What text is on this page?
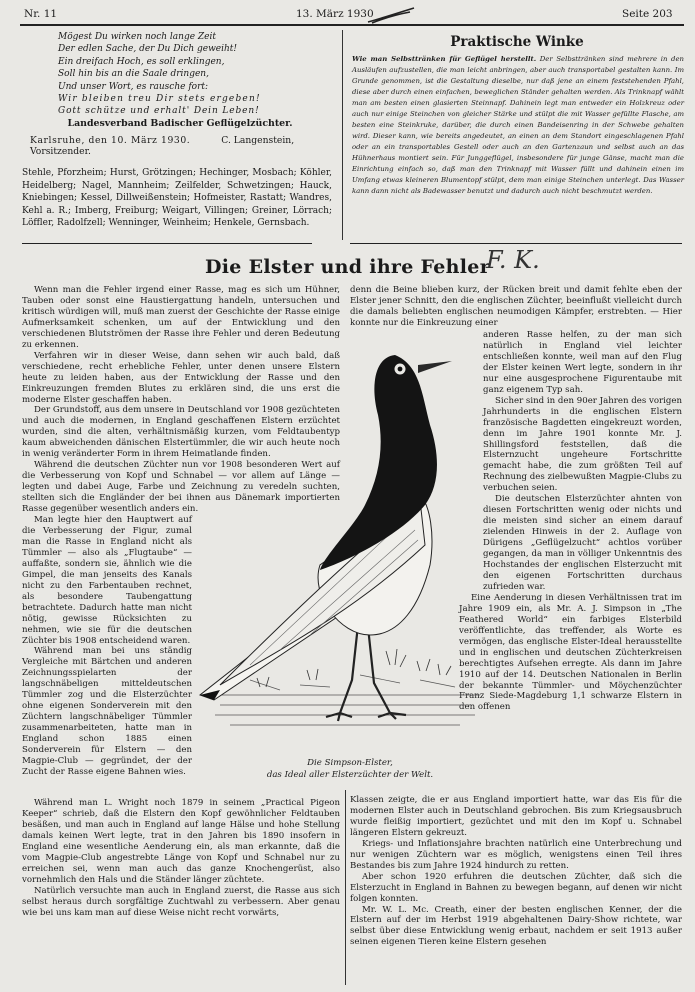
Nr. 11	13. März 1930	Seite 203
Mögest Du wirken noch lange Zeit
Der edlen Sache, der Du Dich geweiht!
Ein dreifach Hoch, es soll erklingen,
Soll hin bis an die Saale dringen,
Und unser Wort, es rausche fort:
Wir bleiben treu Dir stets ergeben!
Gott schütze und erhalt' Dein Leben!
Landesverband Badischer Geflügelzüchter.
Karlsruhe, den 10. März 1930.	C. Langenstein, Vorsitzender.
Stehle, Pforzheim; Hurst, Grötzingen; Hechinger, Mosbach; Köhler, Heidelberg; Nagel, Mannheim; Zeilfelder, Schwetzingen; Hauck, Kniebingen; Kessel, Dillweißenstein; Hofmeister, Rastatt; Wandres, Kehl a. R.; Imberg, Freiburg; Weigart, Villingen; Greiner, Lörrach; Löffler, Radolfzell; Wenninger, Weinheim; Henkele, Gernsbach.
Praktische Winke
Wie man Selbsttränken für Geflügel herstellt. Der Selbsttränken sind mehrere in den Ausläufen aufzustellen, die man leicht anbringen, aber auch transportabel gestalten kann. Im Grunde genommen, ist die Gestaltung dieselbe, nur daß jene an einem feststehenden Pfahl, diese aber durch einen einfachen, beweglichen Ständer gehalten werden. Als Trinknapf wählt man am besten einen glasierten Steinnapf. Dahinein legt man entweder ein Holzkreuz oder auch nur einige Steinchen von gleicher Stärke und stülpt die mit Wasser gefüllte Flasche, am besten eine Steinkruke, darüber, die durch einen Bandeisenring in der Schwebe gehalten wird. Dieser kann, wie bereits angedeutet, an einen an dem Standort eingeschlagenen Pfahl oder an ein transportables Gestell oder auch an den Gartenzaun und selbst auch an das Hühnerhaus montiert sein. Für Junggeflügel, insbesondere für junge Gänse, macht man die Einrichtung einfach so, daß man den Trinknapf mit Wasser füllt und dahinein einen im Umfang etwas kleineren Blumentopf stülpt, dem man einige Steinchen unterlegt. Das Wasser kann dann nicht als Badewasser benutzt und dadurch auch nicht beschmutzt werden.
Die Elster und ihre Fehler
F. K.

Wenn man die Fehler irgend einer Rasse, mag es sich um Hühner, Tauben oder sonst eine Haustiergattung handeln, untersuchen und kritisch würdigen will, muß man zuerst der Geschichte der Rasse einige Aufmerksamkeit schenken, um auf der Entwicklung und den verschiedenen Blutströmen der Rasse ihre Fehler und deren Bedeutung zu erkennen.

Verfahren wir in dieser Weise, dann sehen wir auch bald, daß verschiedene, recht erhebliche Fehler, unter denen unsere Elstern heute zu leiden haben, aus der Entwicklung der Rasse und den Einkreuzungen fremden Blutes zu erklären sind, die uns erst die moderne Elster geschaffen haben.

Der Grundstoff, aus dem unsere in Deutschland vor 1908 gezüchteten und auch die modernen, in England geschaffenen Elstern erzüchtet wurden, sind die alten, verhältnismäßig kurzen, vom Feldtaubentyp kaum abweichenden dänischen Elstertümmler, die wir auch heute noch in wenig veränderter Form in ihrem Heimatlande finden.

Während die deutschen Züchter nun vor 1908 besonderen Wert auf die Verbesserung von Kopf und Schnabel — vor allem auf Länge — legten und dabei Auge, Farbe und Zeichnung zu veredeln suchten, stellten sich die Engländer der bei ihnen aus Dänemark importierten Rasse gegenüber wesentlich anders ein.

Man legte hier den Hauptwert auf die Verbesserung der Figur, zumal man die Rasse in England nicht als Tümmler — also als „Flugtaube“ — auffaßte, sondern sie, ähnlich wie die Gimpel, die man jenseits des Kanals nicht zu den Farbentauben rechnet, als besondere Taubengattung betrachtete. Dadurch hatte man nicht nötig, gewisse Rücksichten zu nehmen, wie sie für die deutschen Züchter bis 1908 entscheidend waren.

Während man bei uns ständig Vergleiche mit Bärtchen und anderen Zeichnungsspielarten der langschnäbeligen mitteldeutschen Tümmler zog und die Elsterzüchter ohne eigenen Sonderverein mit den Züchtern langschnäbeliger Tümmler zusammenarbeiteten, hatte man in England schon 1885 einen Sonderverein für Elstern — den Magpie-Club — gegründet, der der Zucht der Rasse eigene Bahnen wies.

denn die Beine blieben kurz, der Rücken breit und damit fehlte eben der Elster jener Schnitt, den die englischen Züchter, beeinflußt vielleicht durch die damals beliebten englischen neumodigen Kämpfer, erstrebten. — Hier konnte nur die Einkreuzung einer

anderen Rasse helfen, zu der man sich natürlich in England viel leichter entschließen konnte, weil man auf den Flug der Elster keinen Wert legte, sondern in ihr nur eine ausgesprochene Figurentaube mit ganz eigenem Typ sah.

Sicher sind in den 90er Jahren des vorigen Jahrhunderts in die englischen Elstern französische Bagdetten eingekreuzt worden, denn im Jahre 1901 konnte Mr. J. Shillingsford feststellen, daß die Elsternzucht ungeheure Fortschritte gemacht habe, die zum größten Teil auf Rechnung des zielbewußten Magpie-Clubs zu verbuchen seien.

Die deutschen Elsterzüchter ahnten von diesen Fortschritten wenig oder nichts und die meisten sind sicher an einem darauf zielenden Hinweis in der 2. Auflage von Dürigens „Geflügelzucht“ achtlos vorüber gegangen, da man in völliger Unkenntnis des Hochstandes der englischen Elsterzucht mit den eigenen Fortschritten durchaus zufrieden war.

Eine Aenderung in diesen Verhältnissen trat im Jahre 1909 ein, als Mr. A. J. Simpson in „The Feathered World“ ein farbiges Elsterbild veröffentlichte, das treffender, als Worte es vermögen, das englische Elster-Ideal herausstellte und in englischen und deutschen Züchterkreisen berechtigtes Aufsehen erregte. Als dann im Jahre 1910 auf der 14. Deutschen Nationalen in Berlin der bekannte Tümmler- und Möychenzüchter Franz Siede-Magdeburg 1,1 schwarze Elstern in den offenen

Die Simpson-Elster,
das Ideal aller Elsterzüchter der Welt.

Während man L. Wright noch 1879 in seinem „Practical Pigeon Keeper“ schrieb, daß die Elstern den Kopf gewöhnlicher Feldtauben besäßen, und man auch in England auf lange Hälse und hohe Stellung damals keinen Wert legte, trat in den Jahren bis 1890 insofern in England eine wesentliche Aenderung ein, als man erkannte, daß die vom Magpie-Club angestrebte Länge von Kopf und Schnabel nur zu erreichen sei, wenn man auch das ganze Knochengerüst, also vornehmlich den Hals und die Ständer länger züchtete.

Natürlich versuchte man auch in England zuerst, die Rasse aus sich selbst heraus durch sorgfältige Zuchtwahl zu verbessern. Aber genau wie bei uns kam man auf diese Weise nicht recht vorwärts,

Klassen zeigte, die er aus England importiert hatte, war das Eis für die modernen Elster auch in Deutschland gebrochen. Bis zum Kriegsausbruch wurde fleißig importiert, gezüchtet und mit den im Kopf u. Schnabel längeren Elstern gekreuzt.

Kriegs- und Inflationsjahre brachten natürlich eine Unterbrechung und nur wenigen Züchtern war es möglich, wenigstens einen Teil ihres Bestandes bis zum Jahre 1924 hindurch zu retten.

Aber schon 1920 erfuhren die deutschen Züchter, daß sich die Elsterzucht in England in Bahnen zu bewegen begann, auf denen wir nicht folgen konnten.

Mr. W. L. Mc. Creath, einer der besten englischen Kenner, der die Elstern auf der im Herbst 1919 abgehaltenen Dairy-Show richtete, war selbst über diese Entwicklung wenig erbaut, nachdem er seit 1913 außer seinen eigenen Tieren keine Elstern gesehen
